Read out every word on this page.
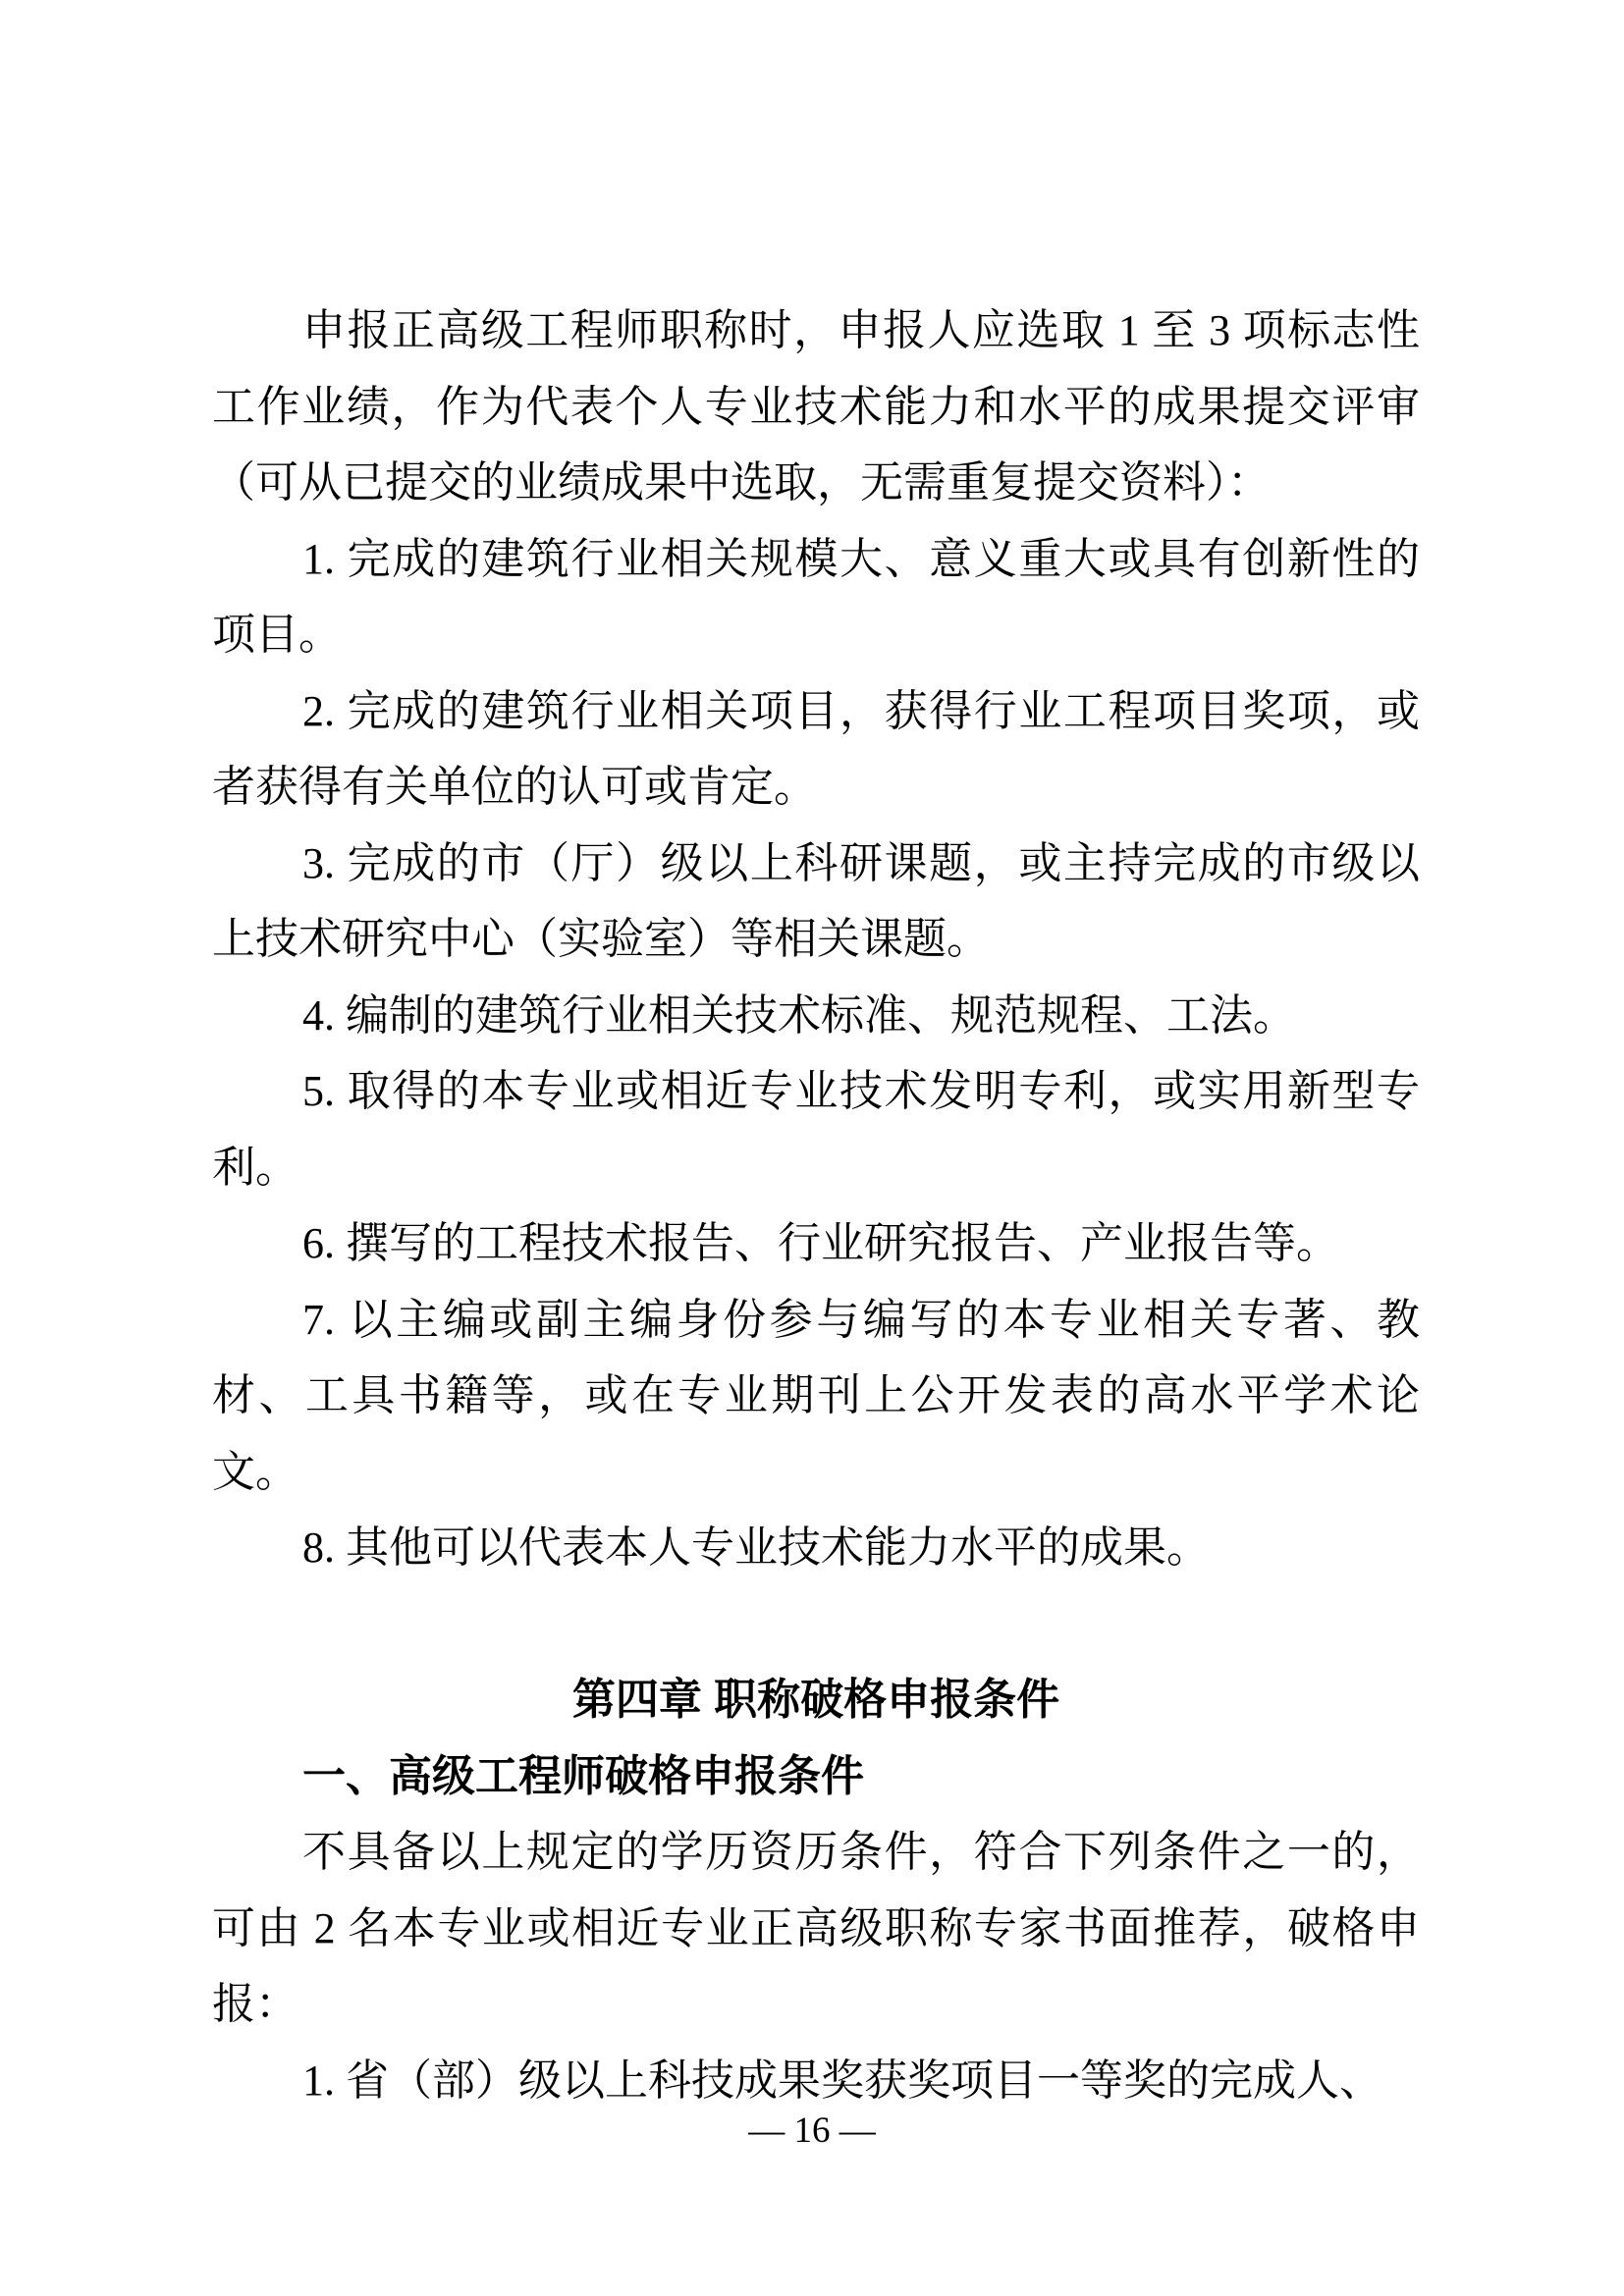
申报正高级工程师职称时，申报人应选取 1 至 3 项标志性工作业绩，作为代表个人专业技术能力和水平的成果提交评审（可从已提交的业绩成果中选取，无需重复提交资料）：

1. 完成的建筑行业相关规模大、意义重大或具有创新性的项目。

2. 完成的建筑行业相关项目，获得行业工程项目奖项，或者获得有关单位的认可或肯定。

3. 完成的市（厅）级以上科研课题，或主持完成的市级以上技术研究中心（实验室）等相关课题。

4. 编制的建筑行业相关技术标准、规范规程、工法。

5. 取得的本专业或相近专业技术发明专利，或实用新型专利。

6. 撰写的工程技术报告、行业研究报告、产业报告等。

7. 以主编或副主编身份参与编写的本专业相关专著、教材、工具书籍等，或在专业期刊上公开发表的高水平学术论文。

8. 其他可以代表本人专业技术能力水平的成果。

第四章 职称破格申报条件

一、高级工程师破格申报条件

不具备以上规定的学历资历条件，符合下列条件之一的，可由 2 名本专业或相近专业正高级职称专家书面推荐，破格申报：

1. 省（部）级以上科技成果奖获奖项目一等奖的完成人、

— 16 —
